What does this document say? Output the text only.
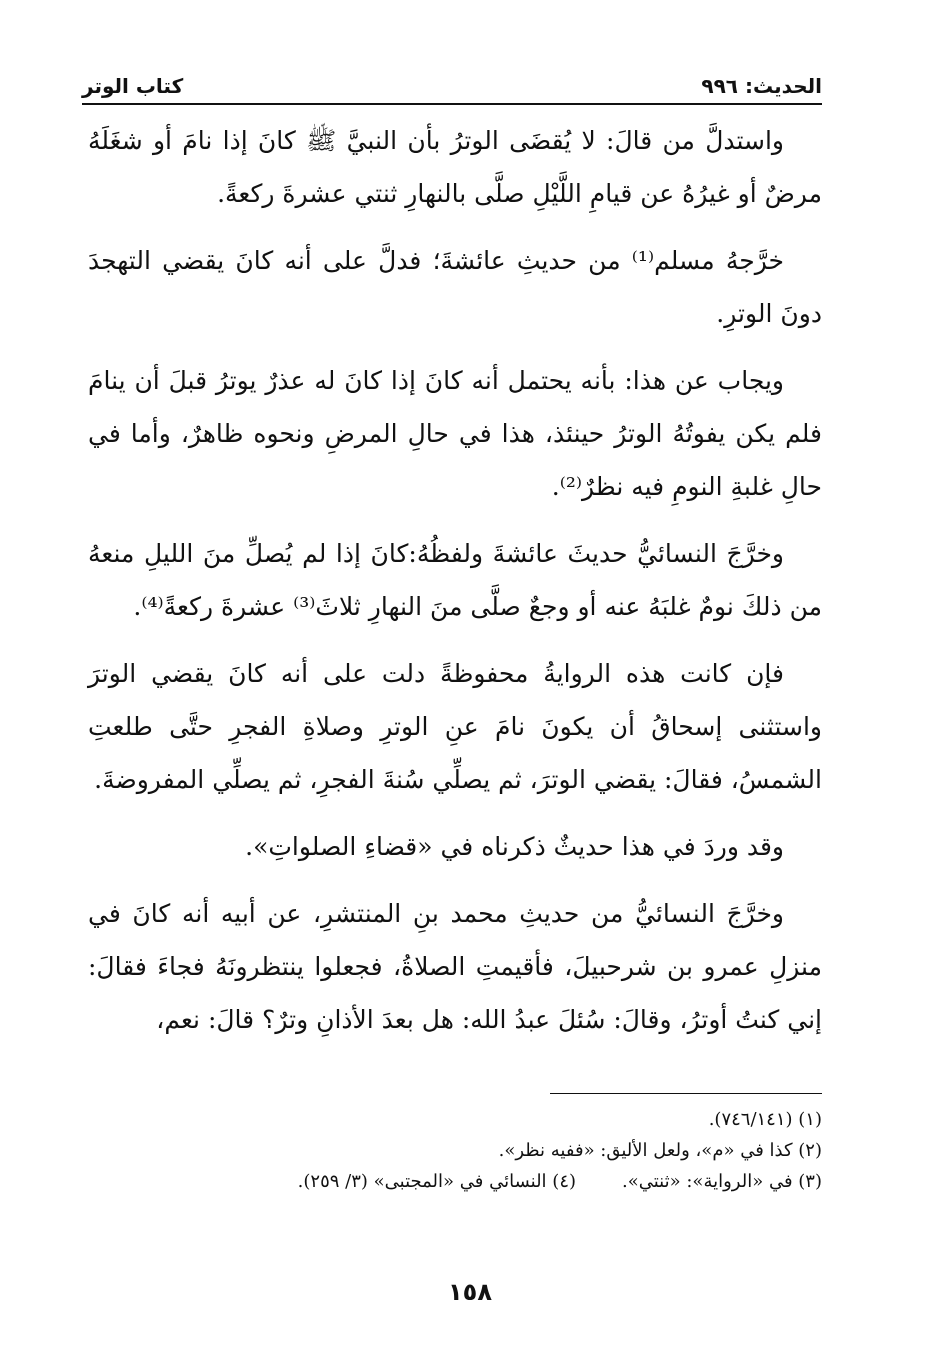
الحديث: ٩٩٦
كتاب الوتر

واستدلَّ من قالَ: لا يُقضَى الوترُ بأن النبيَّ ﷺ كانَ إذا نامَ أو شغَلَهُ مرضٌ أو غيرُهُ عن قيامِ اللَّيْلِ صلَّى بالنهارِ ثنتي عشرةَ ركعةً.

خرَّجهُ مسلم⁽¹⁾ من حديثِ عائشةَ؛ فدلَّ على أنه كانَ يقضي التهجدَ دونَ الوترِ.

ويجاب عن هذا: بأنه يحتمل أنه كانَ إذا كانَ له عذرٌ يوترُ قبلَ أن ينامَ فلم يكن يفوتُهُ الوترُ حينئذ، هذا في حالِ المرضِ ونحوه ظاهرٌ، وأما في حالِ غلبةِ النومِ فيه نظرٌ⁽²⁾.

وخرَّجَ النسائيُّ حديثَ عائشةَ ولفظُهُ:كانَ إذا لم يُصلِّ منَ الليلِ منعهُ من ذلكَ نومٌ غلبَهُ عنه أو وجعٌ صلَّى منَ النهارِ ثلاثَ⁽³⁾ عشرةَ ركعةً⁽⁴⁾.

فإن كانت هذه الروايةُ محفوظةً دلت على أنه كانَ يقضي الوترَ واستثنى إسحاقُ أن يكونَ نامَ عنِ الوترِ وصلاةِ الفجرِ حتَّى طلعتِ الشمسُ، فقالَ: يقضي الوترَ، ثم يصلِّي سُنةَ الفجرِ، ثم يصلِّي المفروضةَ.

وقد وردَ في هذا حديثٌ ذكرناه في «قضاءِ الصلواتِ».

وخرَّجَ النسائيُّ من حديثِ محمد بنِ المنتشرِ، عن أبيه أنه كانَ في منزلِ عمرو بن شرحبيلَ، فأقيمتِ الصلاةُ، فجعلوا ينتظرونَهُ فجاءَ فقالَ: إني كنتُ أوترُ، وقالَ: سُئلَ عبدُ الله: هل بعدَ الأذانِ وترٌ؟ قالَ: نعم،

(١) (٧٤٦/١٤١).

(٢) كذا في «م»، ولعل الأليق: «ففيه نظر».

(٣) في «الرواية»: «ثنتي».
(٤) النسائي في «المجتبى» (٣/ ٢٥٩).
١٥٨
